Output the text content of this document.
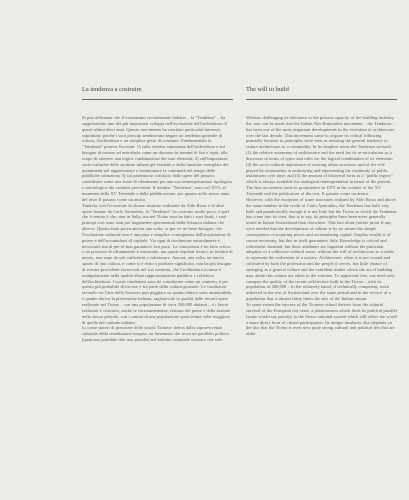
La tendenza a costruire

Si può affermare che il movimento recentemente italiano – la "Tendenza" – ha rappresentato uno dei più importanti sviluppi nell'evoluzione dell'architettura di questi ultimi dieci anni. Questo movimento ha suscitato particolari interessi, soprattutto perché i suoi principi sembravano negare un tendenza generale di rottura, l'architettura e un semplice gesto di consumo. Fondamentale la "Tendenza" poneva l'accento: 1) sulla relativa autonomia dell'architettura e sul bisogno di tornare ad articolarla come un discorso in termini di fini e ripiti, allo scopo di ottenere una logica combinazione dei suoi elementi; 2) sull'importanza socio-culturale delle strutture urbane già esistenti e della funzione esemplare dei monumenti nel rappresentare e testimoniare la continuità nel tempo delle pubbliche istituzioni; 3) sul patrimonio costituito dalle opere del passato, considerate come una fonte di riferimento per una sua reinterpretazione tipologica e morfologica dei caratteri precedenti. Il termine "Tendenza", nato nel 1973, al momento della XV Triennale e dalla pubblicazione, per quanto nello stesso anno, del testo Il passato come un amico.

Tuttavia, con l'eccezione di alcune strutture realizzate da Aldo Rossi e di altre opere firmate da Carlo Aymonino, la "Tendenza" ha costruito molto poco, e quel che è venuto è che, non in Italia, ma nel Ticino essa ha dato i suoi frutti; i suoi principi così sono stati poi largamente sperimentati dalla Svizzera italiana che altrove. Questo fatto prova ancora una volta, se pur ve ne fosse bisogno, che l'evoluzione culturale non è una pura e semplice conseguenza dell'acquisizione di potere e dell'accumularsi di capitale. Via ogni di rivoluzione naturalmente è necessario ma di per sé non garantisce ben poco. La conoscenza è un fatto critico e un processo di rifiutamento è essenziale, ma questi requisiti tecnici, in termini di nuovo, non sono da soli sufficienti a valorizzare. Ancora, una volta, un nuovo spazio di una cultura, e come si è detto a produrre significato, non ha più bisogno di trovare precedenti favorevoli nel suo contesto, che l'architettura ticinese è esemplarmente nella qualità d'una rappresentazione pubblica e collettiva dell'architettura. I nostri condizioni sono da considerare come un contesto, è per questo più probabile di trovare e fra parte della cultura generale. Le condizioni secondo cui l'arte della Svizzera può poggiare su quanto finisce sono ammissibile, e quanto deriva la professione italiana, ragionevole la qualità delle recenti opere realizzate nel Ticino – con una popolazione di circa 200.000 abitanti – è i lavori realizzati è costruito, anche se incessantemente, restauri del paese e della sezione nello stesso periodo, con i canoni di una popolazione quasi trenta volte maggiore di quella del cantone italiano.

Io come sintesi di pressione delle scuola Ticinese deriva dalla sopravvivenza culturale della cittadinanza europea, un fenomeno che trova un parallelo politico (qualcuno potrebbe dire una parodia) nel sistema cantonale svizzero che vale

The will to build

Without challenging its relevance to the present capacity of the building industry, the case can be made that the Italian Neo-Rationalist movement – the Tendenza – has been one of the most important developments in the evolution of architecture over the last decade. This movement came to acquire its critical following primarily because its principles were seen as resisting the general tendency to reduce architecture to a commodity. In its simplest terms the Tendenza stressed: (1) the relative autonomy of architecture and the need for its re-articulation as a discourse in terms of types and rules for the logical combination of its elements; (2) the socio-cultural importance of existing urban structures and of the role played by monuments in embodying and representing the continuity of public institutions over time; and (3) the amount of historical form as a "public legacy" which is always available for analogical reinterpretation in terms of the present. The first movement came to prominence in 1973 in the context of the XV Triennale and the publication of the text, Il passato come un amico.

However, with the exception of some structures realized by Aldo Rossi and above the same number in the credit of Carlo Aymonino, the Tendenza has built very little and paradoxically enough it is not Italy but the Ticino in which the Tendenza has come into its own, that is to say, its principles have been more generally tested in Italian Switzerland than elsewhere. This fact alone further proof if any were needed that the development of culture is by no means the simple consequence of acquiring power and accumulating capital. Surplus wealth is of course necessary, but this in itself guarantees little. Knowledge is critical and refinement essential, but these attributes are impotent without the particular adoption of a collective cultural sense, without the will of architecture as it seeks to represent the realization of a society. Architecture, when it is not wound and cultivated by both the profession and the people it serves, has little chance of emerging as a general culture and the confident timber which the art of building may attain this culture are taken to the extreme. To appreciate this, one need only compare the quality of the recent architecture built in the Ticino – with its population of 200,000 – to the relatively banal, if technically competent, work achieved in the rest of Switzerland over the same period and in the service of a population that is almost thirty times the size of the Italian canton.

To some extent the success of the Ticinese school derives from the cultural survival of the European city-state, a phenomenon which finds its political parallel (some would say parody) in the Swiss cantonal system which still offers the world a more direct form of citizen participation. Its unique insularity also depends on the fact that the Ticino is even now quite strong cultural and political ties that are older
